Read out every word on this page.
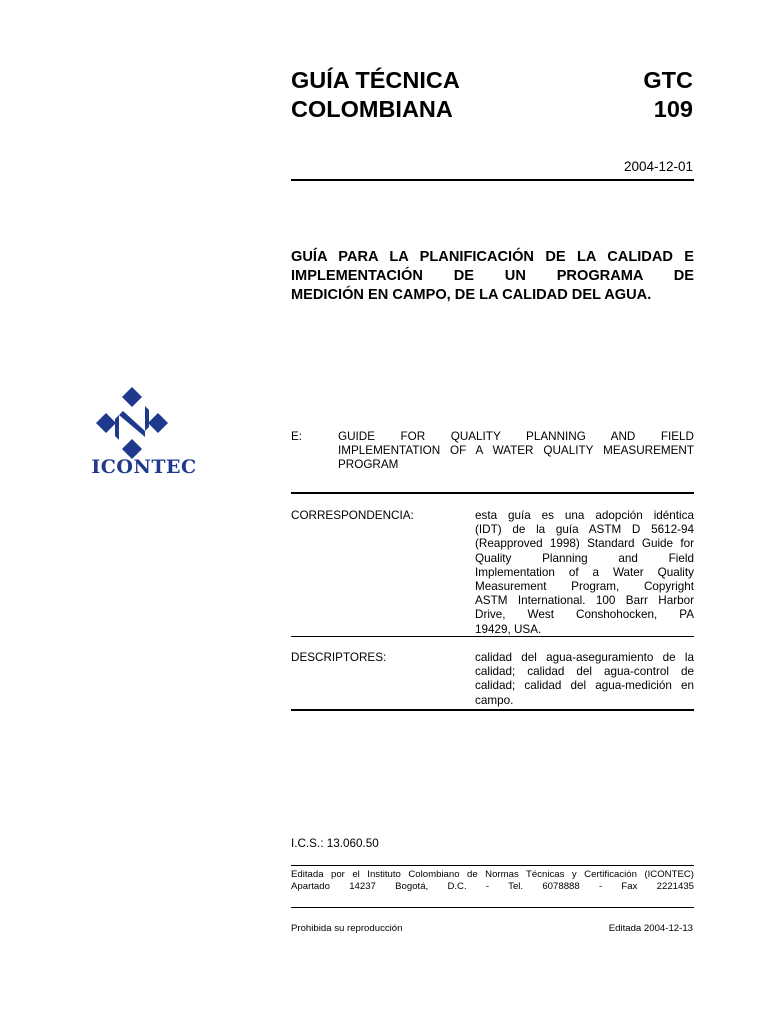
GUÍA TÉCNICA
COLOMBIANA
GTC
109
2004-12-01
GUÍA PARA LA PLANIFICACIÓN DE LA CALIDAD E
IMPLEMENTACIÓN DE UN PROGRAMA DE
MEDICIÓN EN CAMPO, DE LA CALIDAD DEL AGUA.
ICONTEC
E:	GUIDE FOR QUALITY PLANNING AND FIELD
IMPLEMENTATION OF A WATER QUALITY MEASUREMENT
PROGRAM
CORRESPONDENCIA:	esta guía es una adopción idéntica
(IDT) de la guía ASTM D 5612-94
(Reapproved 1998) Standard Guide for
Quality Planning and Field
Implementation of a Water Quality
Measurement Program, Copyright
ASTM International. 100 Barr Harbor
Drive, West Conshohocken, PA
19429, USA.
DESCRIPTORES:	calidad del agua-aseguramiento de la
calidad; calidad del agua-control de
calidad; calidad del agua-medición en
campo.
I.C.S.: 13.060.50
Editada por el Instituto Colombiano de Normas Técnicas y Certificación (ICONTEC)
Apartado 14237 Bogotá, D.C. - Tel. 6078888 - Fax 2221435
Prohibida su reproducción	Editada 2004-12-13
